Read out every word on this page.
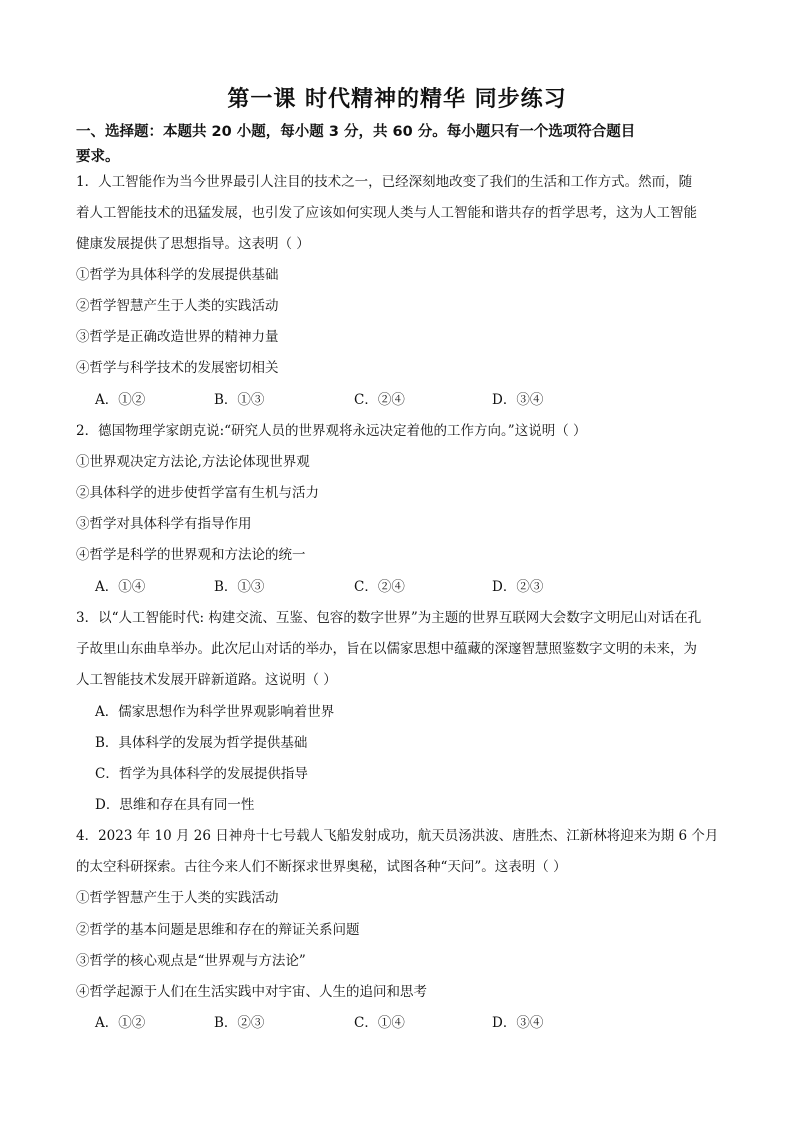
第一课 时代精神的精华 同步练习
一、选择题：本题共 20 小题，每小题 3 分，共 60 分。每小题只有一个选项符合题目
要求。
1．人工智能作为当今世界最引人注目的技术之一，已经深刻地改变了我们的生活和工作方式。然而，随
着人工智能技术的迅猛发展，也引发了应该如何实现人类与人工智能和谐共存的哲学思考，这为人工智能
健康发展提供了思想指导。这表明（ ）
①哲学为具体科学的发展提供基础
②哲学智慧产生于人类的实践活动
③哲学是正确改造世界的精神力量
④哲学与科学技术的发展密切相关
A．①②	B．①③	C．②④	D．③④
2．德国物理学家朗克说:“研究人员的世界观将永远决定着他的工作方向。”这说明（ ）
①世界观决定方法论,方法论体现世界观
②具体科学的进步使哲学富有生机与活力
③哲学对具体科学有指导作用
④哲学是科学的世界观和方法论的统一
A．①④	B．①③	C．②④	D．②③
3．以“人工智能时代: 构建交流、互鉴、包容的数字世界”为主题的世界互联网大会数字文明尼山对话在孔
子故里山东曲阜举办。此次尼山对话的举办，旨在以儒家思想中蕴藏的深邃智慧照鉴数字文明的未来，为
人工智能技术发展开辟新道路。这说明（ ）
A．儒家思想作为科学世界观影响着世界
B．具体科学的发展为哲学提供基础
C．哲学为具体科学的发展提供指导
D．思维和存在具有同一性
4．2023 年 10 月 26 日神舟十七号载人飞船发射成功，航天员汤洪波、唐胜杰、江新林将迎来为期 6 个月
的太空科研探索。古往今来人们不断探求世界奥秘，试图各种“天问”。这表明（ ）
①哲学智慧产生于人类的实践活动
②哲学的基本问题是思维和存在的辩证关系问题
③哲学的核心观点是“世界观与方法论”
④哲学起源于人们在生活实践中对宇宙、人生的追问和思考
A．①②	B．②③	C．①④	D．③④
